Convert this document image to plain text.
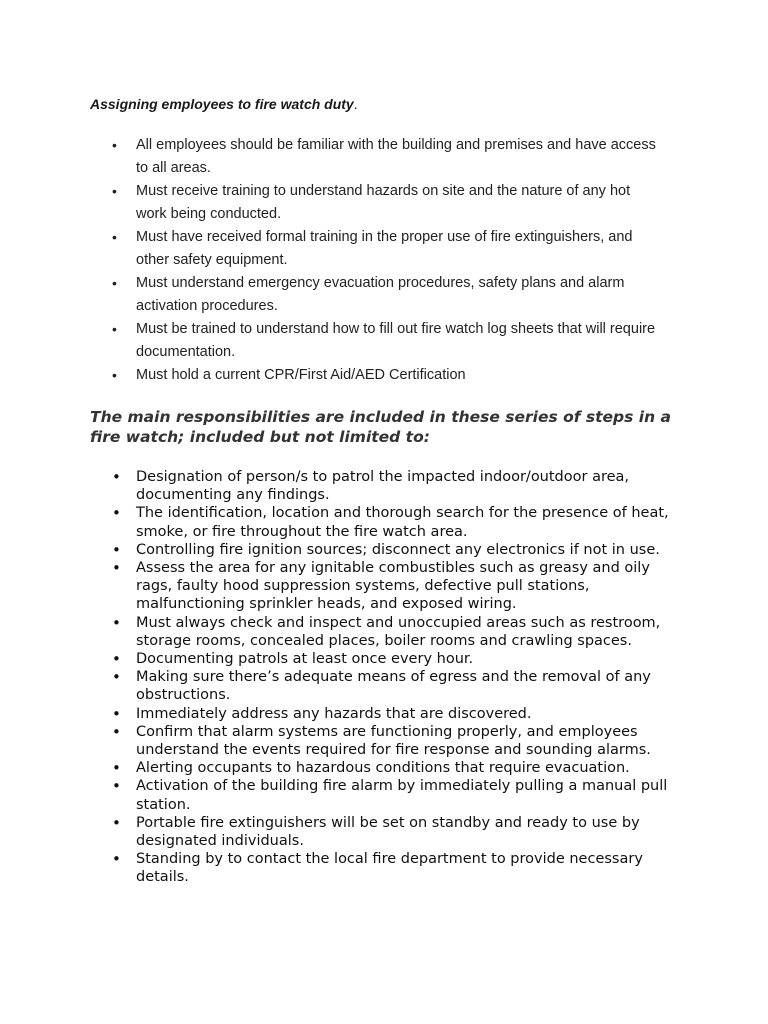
Assigning employees to fire watch duty.

• All employees should be familiar with the building and premises and have access to all areas.
• Must receive training to understand hazards on site and the nature of any hot work being conducted.
• Must have received formal training in the proper use of fire extinguishers, and other safety equipment.
• Must understand emergency evacuation procedures, safety plans and alarm activation procedures.
• Must be trained to understand how to fill out fire watch log sheets that will require documentation.
• Must hold a current CPR/First Aid/AED Certification

The main responsibilities are included in these series of steps in a fire watch; included but not limited to:

• Designation of person/s to patrol the impacted indoor/outdoor area, documenting any findings.
• The identification, location and thorough search for the presence of heat, smoke, or fire throughout the fire watch area.
• Controlling fire ignition sources; disconnect any electronics if not in use.
• Assess the area for any ignitable combustibles such as greasy and oily rags, faulty hood suppression systems, defective pull stations, malfunctioning sprinkler heads, and exposed wiring.
• Must always check and inspect and unoccupied areas such as restroom, storage rooms, concealed places, boiler rooms and crawling spaces.
• Documenting patrols at least once every hour.
• Making sure there’s adequate means of egress and the removal of any obstructions.
• Immediately address any hazards that are discovered.
• Confirm that alarm systems are functioning properly, and employees understand the events required for fire response and sounding alarms.
• Alerting occupants to hazardous conditions that require evacuation.
• Activation of the building fire alarm by immediately pulling a manual pull station.
• Portable fire extinguishers will be set on standby and ready to use by designated individuals.
• Standing by to contact the local fire department to provide necessary details.
